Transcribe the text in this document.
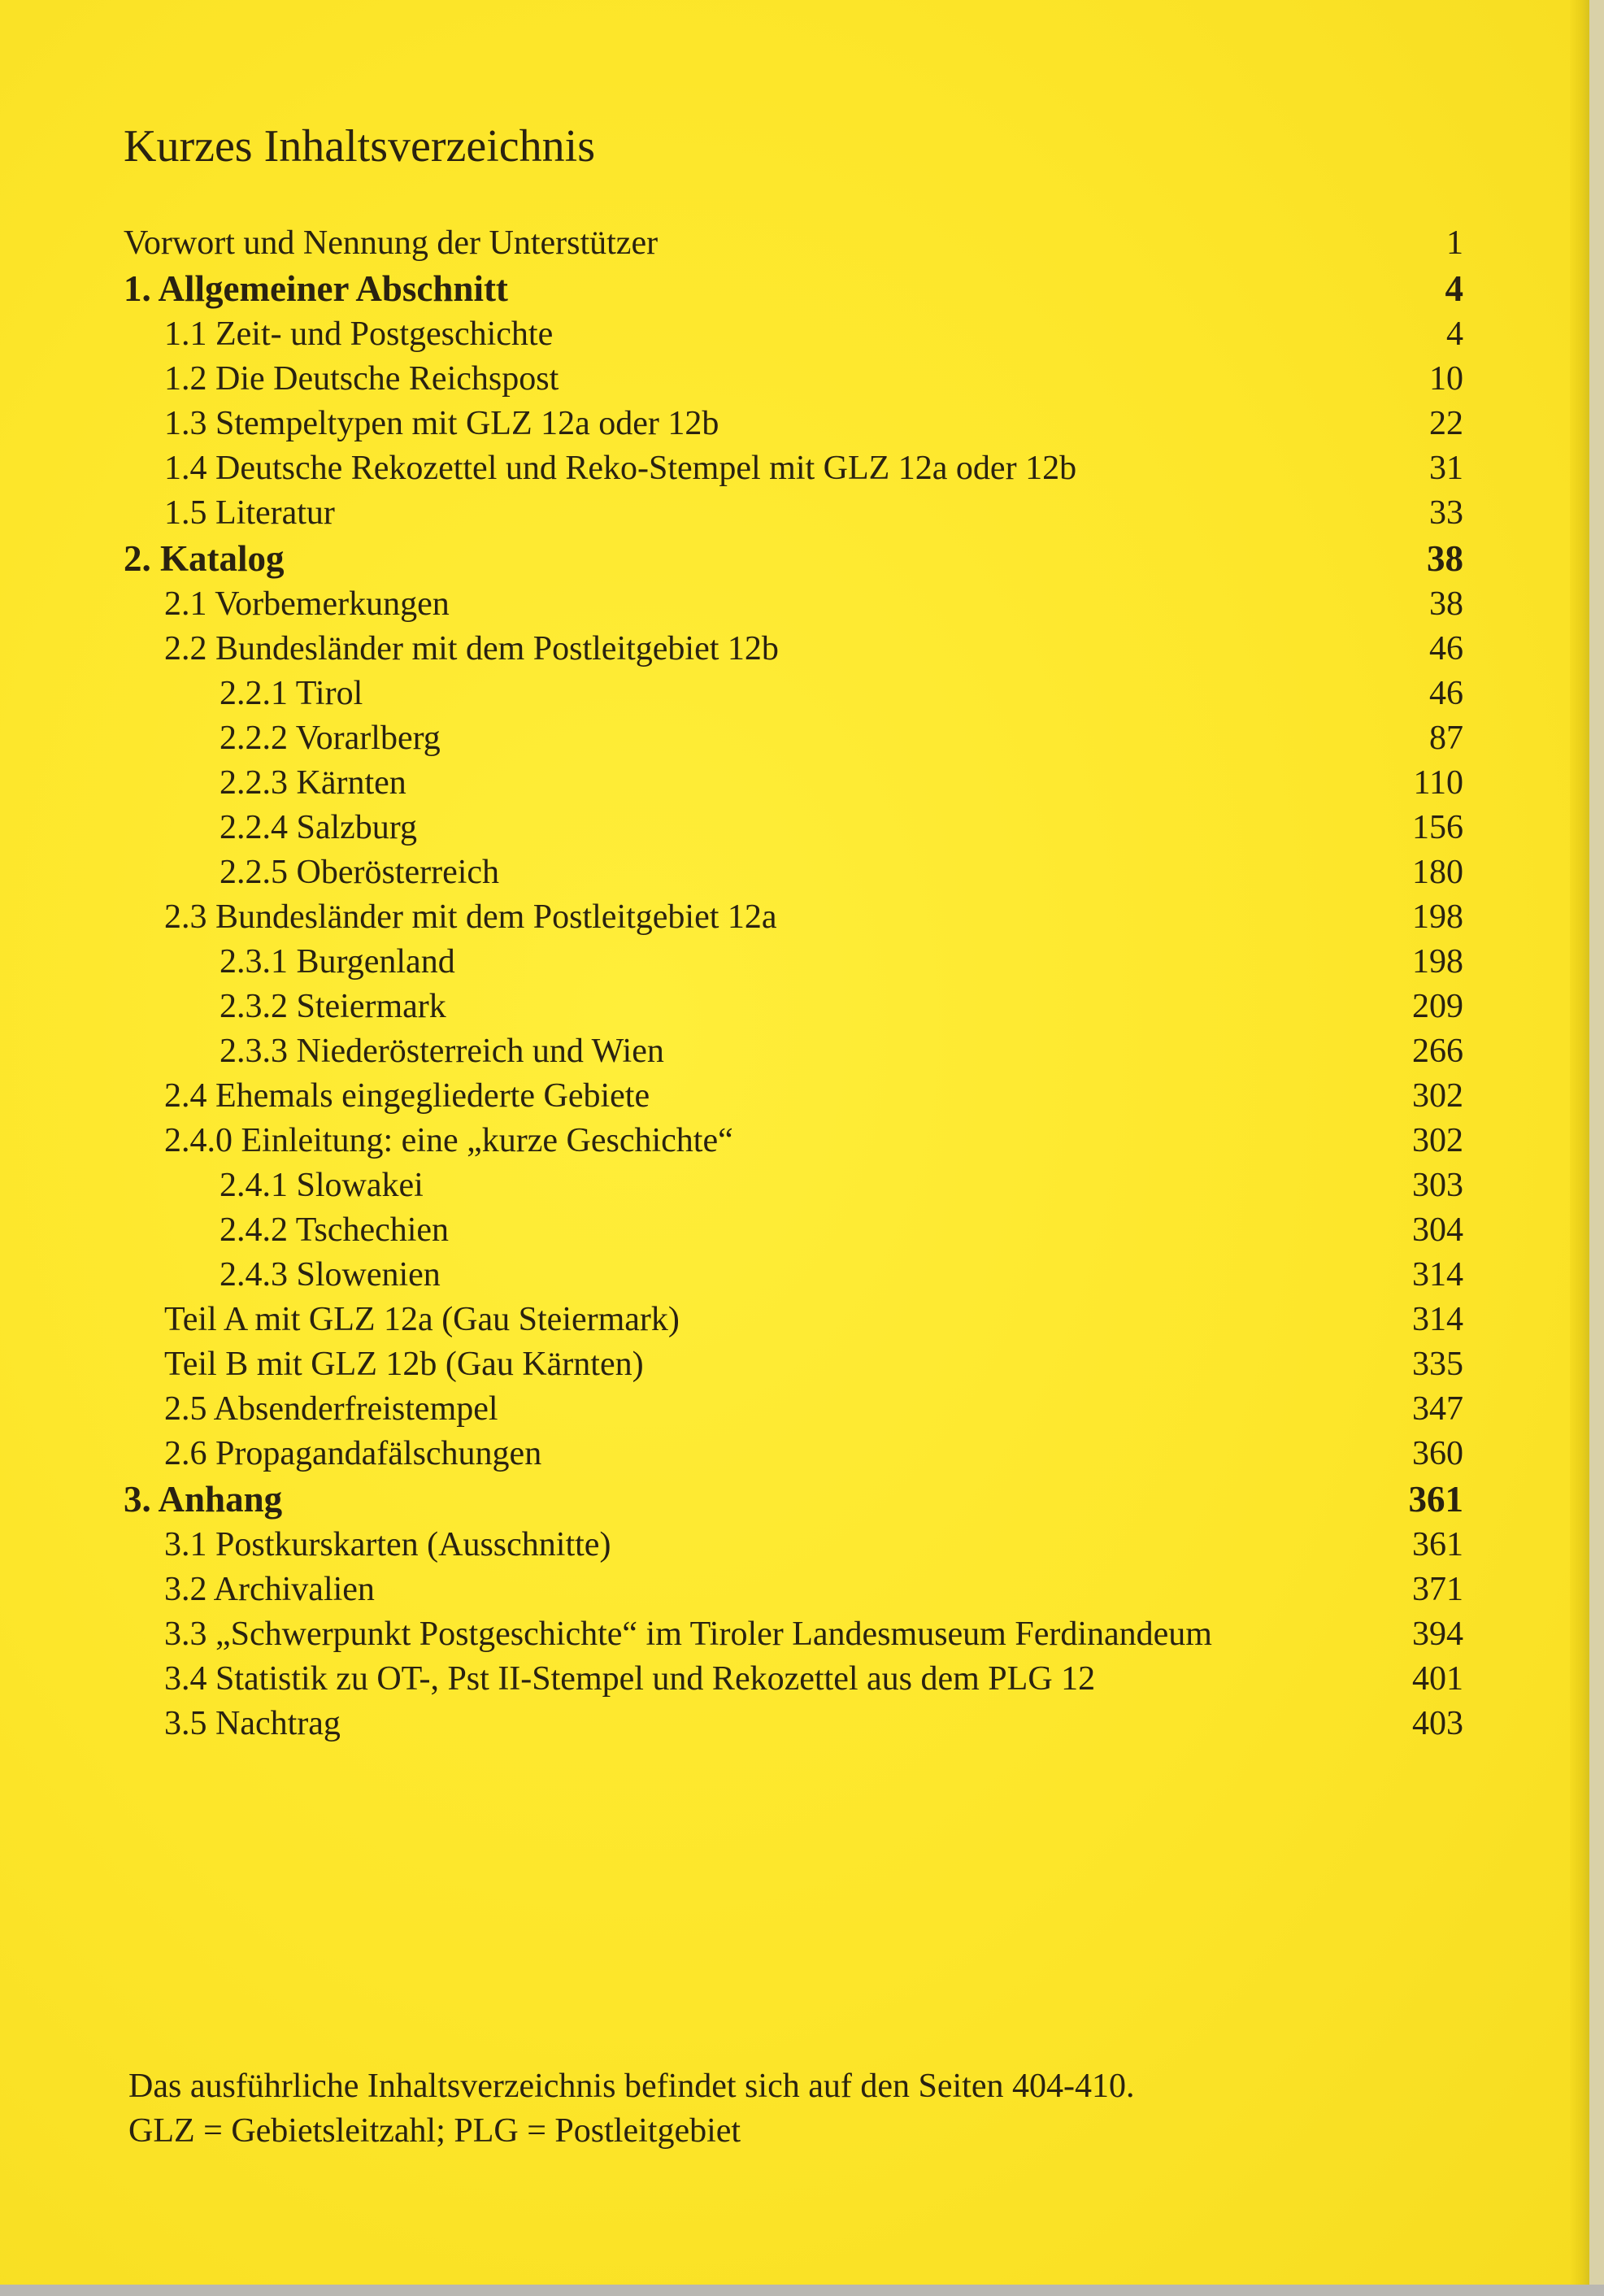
Kurzes Inhaltsverzeichnis
Vorwort und Nennung der Unterstützer	1
1. Allgemeiner Abschnitt	4
1.1 Zeit- und Postgeschichte	4
1.2 Die Deutsche Reichspost	10
1.3 Stempeltypen mit GLZ 12a oder 12b	22
1.4 Deutsche Rekozettel und Reko-Stempel mit GLZ 12a oder 12b	31
1.5 Literatur	33
2. Katalog	38
2.1 Vorbemerkungen	38
2.2 Bundesländer mit dem Postleitgebiet 12b	46
2.2.1 Tirol	46
2.2.2 Vorarlberg	87
2.2.3 Kärnten	110
2.2.4 Salzburg	156
2.2.5 Oberösterreich	180
2.3 Bundesländer mit dem Postleitgebiet 12a	198
2.3.1 Burgenland	198
2.3.2 Steiermark	209
2.3.3 Niederösterreich und Wien	266
2.4 Ehemals eingegliederte Gebiete	302
2.4.0 Einleitung: eine „kurze Geschichte“	302
2.4.1 Slowakei	303
2.4.2 Tschechien	304
2.4.3 Slowenien	314
Teil A mit GLZ 12a (Gau Steiermark)	314
Teil B mit GLZ 12b (Gau Kärnten)	335
2.5 Absenderfreistempel	347
2.6 Propagandafälschungen	360
3. Anhang	361
3.1 Postkurskarten (Ausschnitte)	361
3.2 Archivalien	371
3.3 „Schwerpunkt Postgeschichte“ im Tiroler Landesmuseum Ferdinandeum	394
3.4 Statistik zu OT-, Pst II-Stempel und Rekozettel aus dem PLG 12	401
3.5 Nachtrag	403

Das ausführliche Inhaltsverzeichnis befindet sich auf den Seiten 404-410.

GLZ = Gebietsleitzahl; PLG = Postleitgebiet
